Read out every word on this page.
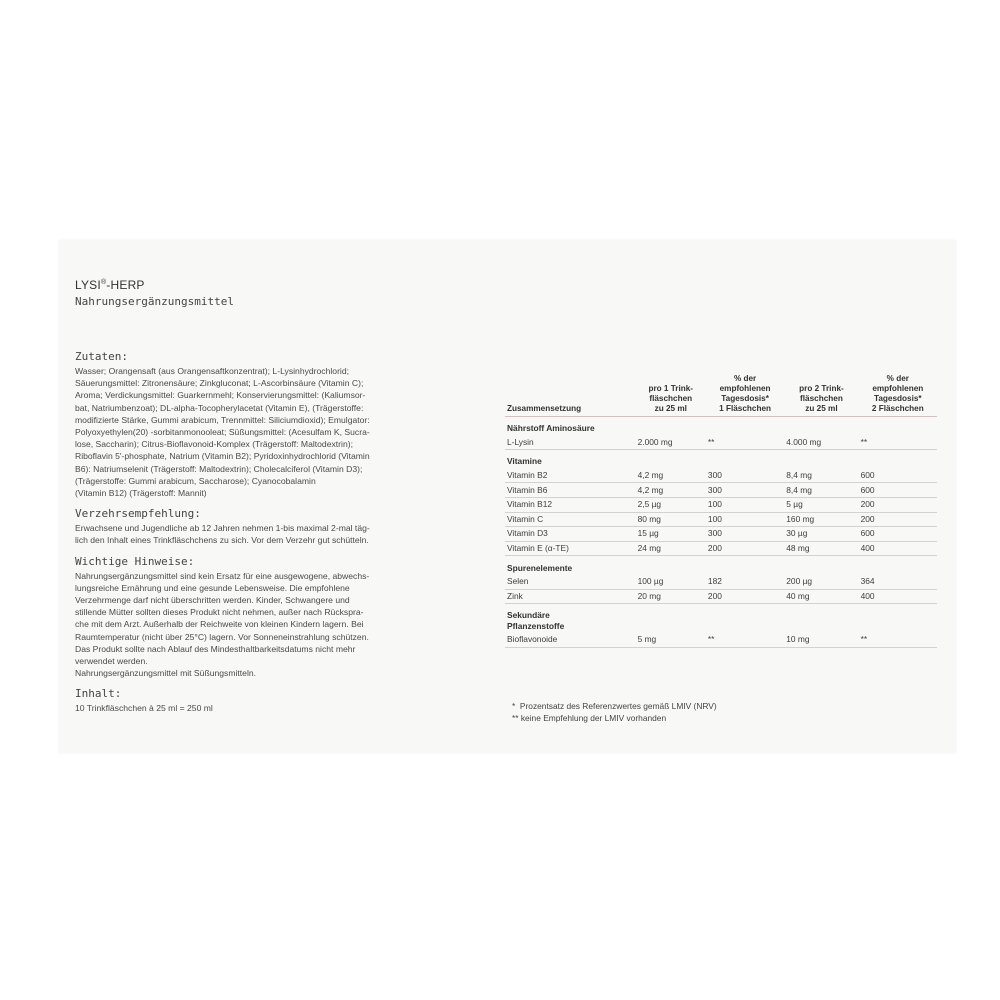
LYSI®-HERP
Nahrungsergänzungsmittel
Zutaten:
Wasser; Orangensaft (aus Orangensaftkonzentrat); L-Lysinhydrochlorid;
Säuerungsmittel: Zitronensäure; Zinkgluconat; L-Ascorbinsäure (Vitamin C);
Aroma; Verdickungsmittel: Guarkernmehl; Konservierungsmittel: (Kaliumsor-
bat, Natriumbenzoat); DL-alpha-Tocopherylacetat (Vitamin E), (Trägerstoffe:
modifizierte Stärke, Gummi arabicum, Trennmittel: Siliciumdioxid); Emulgator:
Polyoxyethylen(20) -sorbitanmonooleat; Süßungsmittel: (Acesulfam K, Sucra-
lose, Saccharin); Citrus-Bioflavonoid-Komplex (Trägerstoff: Maltodextrin);
Riboflavin 5'-phosphate, Natrium (Vitamin B2); Pyridoxinhydrochlorid (Vitamin
B6): Natriumselenit (Trägerstoff: Maltodextrin); Cholecalciferol (Vitamin D3);
(Trägerstoffe: Gummi arabicum, Saccharose); Cyanocobalamin
(Vitamin B12) (Trägerstoff: Mannit)
Verzehrsempfehlung:
Erwachsene und Jugendliche ab 12 Jahren nehmen 1-bis maximal 2-mal täg-
lich den Inhalt eines Trinkfläschchens zu sich. Vor dem Verzehr gut schütteln.
Wichtige Hinweise:
Nahrungsergänzungsmittel sind kein Ersatz für eine ausgewogene, abwechs-
lungsreiche Ernährung und eine gesunde Lebensweise. Die empfohlene
Verzehrmenge darf nicht überschritten werden. Kinder, Schwangere und
stillende Mütter sollten dieses Produkt nicht nehmen, außer nach Rückspra-
che mit dem Arzt. Außerhalb der Reichweite von kleinen Kindern lagern. Bei
Raumtemperatur (nicht über 25°C) lagern. Vor Sonneneinstrahlung schützen.
Das Produkt sollte nach Ablauf des Mindesthaltbarkeitsdatums nicht mehr
verwendet werden.
Nahrungsergänzungsmittel mit Süßungsmitteln.
Inhalt:
10 Trinkfläschchen à 25 ml = 250 ml
Zusammensetzung	pro 1 Trink-
fläschchen
zu 25 ml	% der
empfohlenen
Tagesdosis*
1 Fläschchen	pro 2 Trink-
fläschchen
zu 25 ml	% der
empfohlenen
Tagesdosis*
2 Fläschchen
Nährstoff Aminosäure				
L-Lysin	2.000 mg	**	4.000 mg	**
Vitamine				
Vitamin B2	4,2 mg	300	8,4 mg	600
Vitamin B6	4,2 mg	300	8,4 mg	600
Vitamin B12	2,5 µg	100	5 µg	200
Vitamin C	80 mg	100	160 mg	200
Vitamin D3	15 µg	300	30 µg	600
Vitamin E (α-TE)	24 mg	200	48 mg	400
Spurenelemente				
Selen	100 µg	182	200 µg	364
Zink	20 mg	200	40 mg	400
Sekundäre
Pflanzenstoffe				
Bioflavonoide	5 mg	**	10 mg	**
*  Prozentsatz des Referenzwertes gemäß LMIV (NRV)
** keine Empfehlung der LMIV vorhanden
